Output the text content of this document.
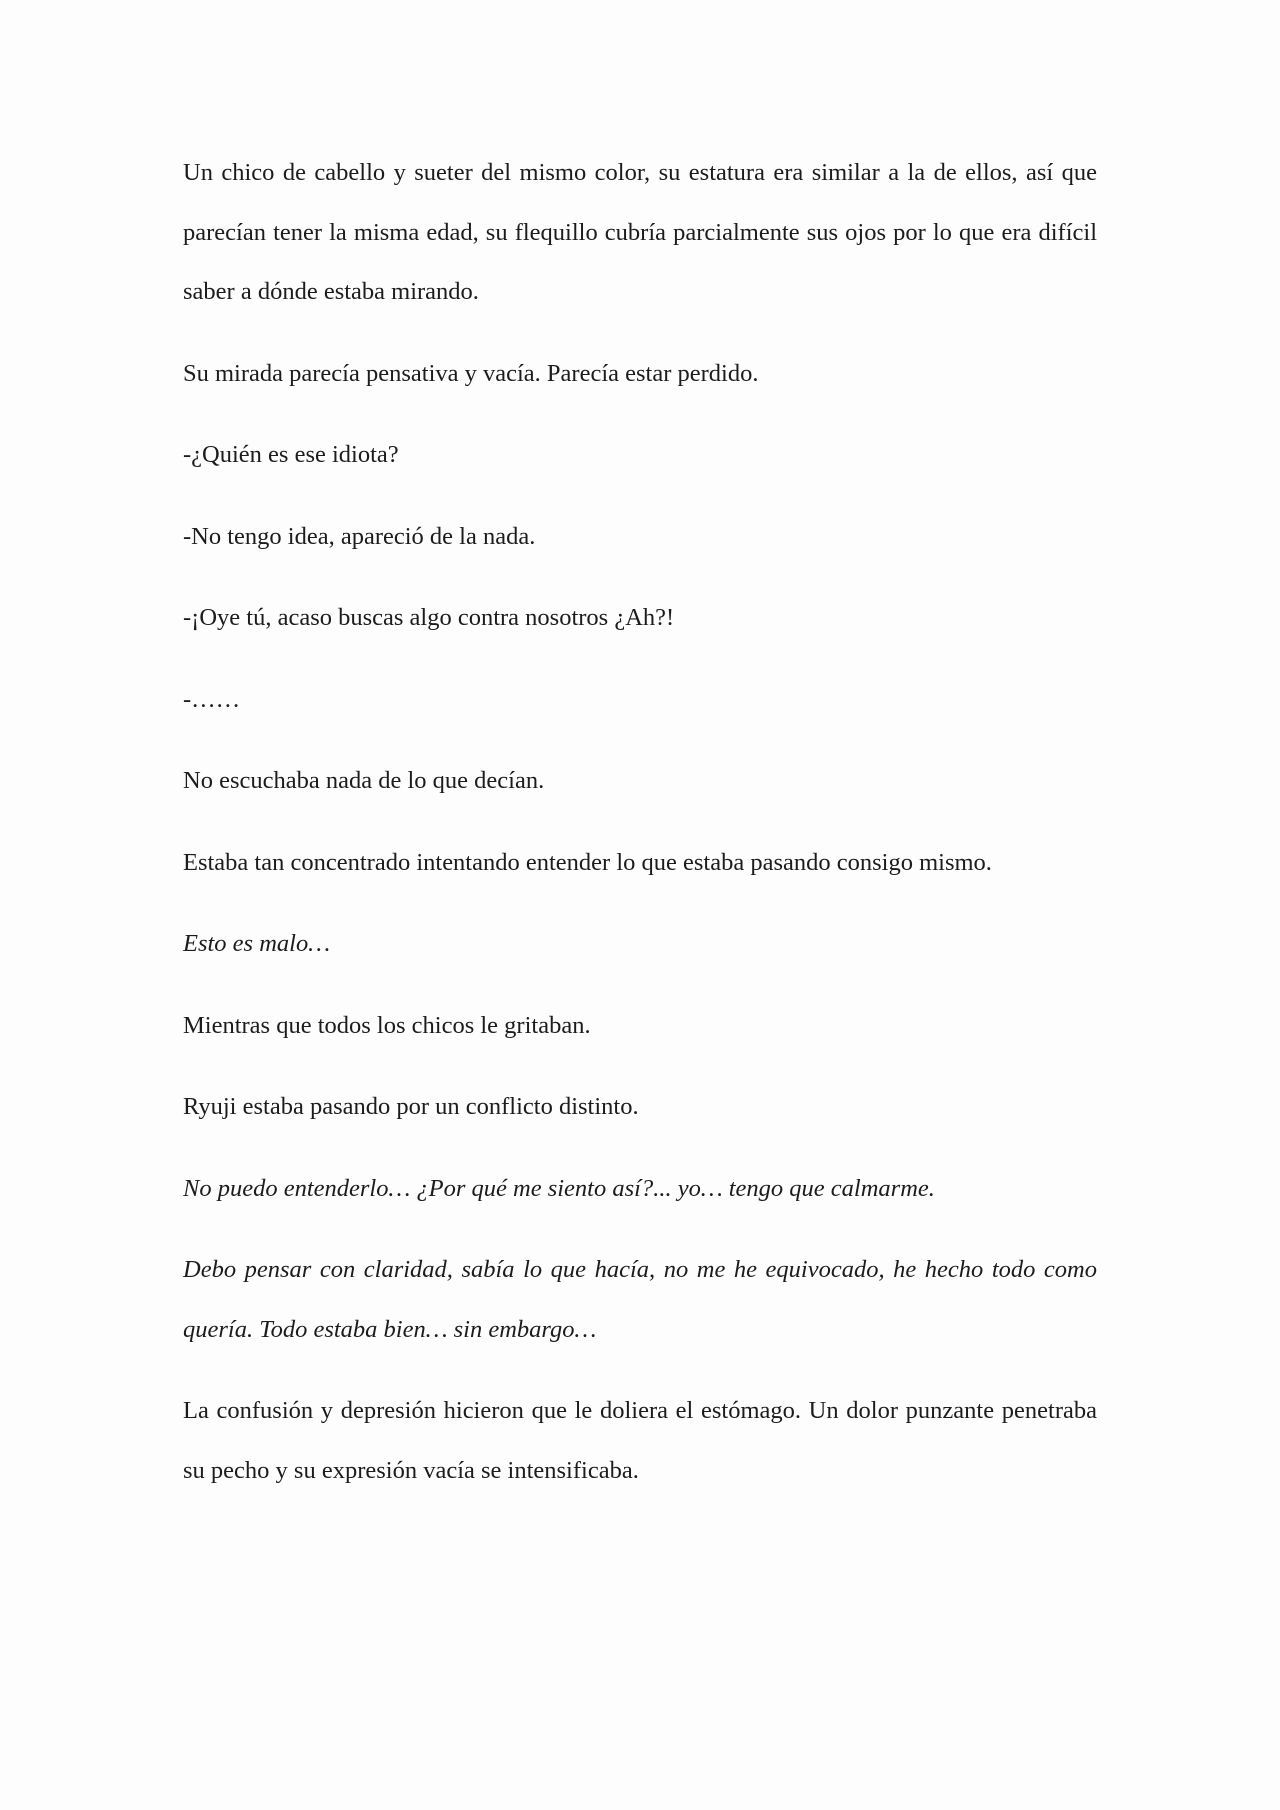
Un chico de cabello y sueter del mismo color, su estatura era similar a la de ellos, así que parecían tener la misma edad, su flequillo cubría parcialmente sus ojos por lo que era difícil saber a dónde estaba mirando.

Su mirada parecía pensativa y vacía. Parecía estar perdido.

-¿Quién es ese idiota?

-No tengo idea, apareció de la nada.

-¡Oye tú, acaso buscas algo contra nosotros ¿Ah?!

-……

No escuchaba nada de lo que decían.

Estaba tan concentrado intentando entender lo que estaba pasando consigo mismo.

Esto es malo…

Mientras que todos los chicos le gritaban.

Ryuji estaba pasando por un conflicto distinto.

No puedo entenderlo… ¿Por qué me siento así?... yo… tengo que calmarme.

Debo pensar con claridad, sabía lo que hacía, no me he equivocado, he hecho todo como quería. Todo estaba bien… sin embargo…

La confusión y depresión hicieron que le doliera el estómago. Un dolor punzante penetraba su pecho y su expresión vacía se intensificaba.
